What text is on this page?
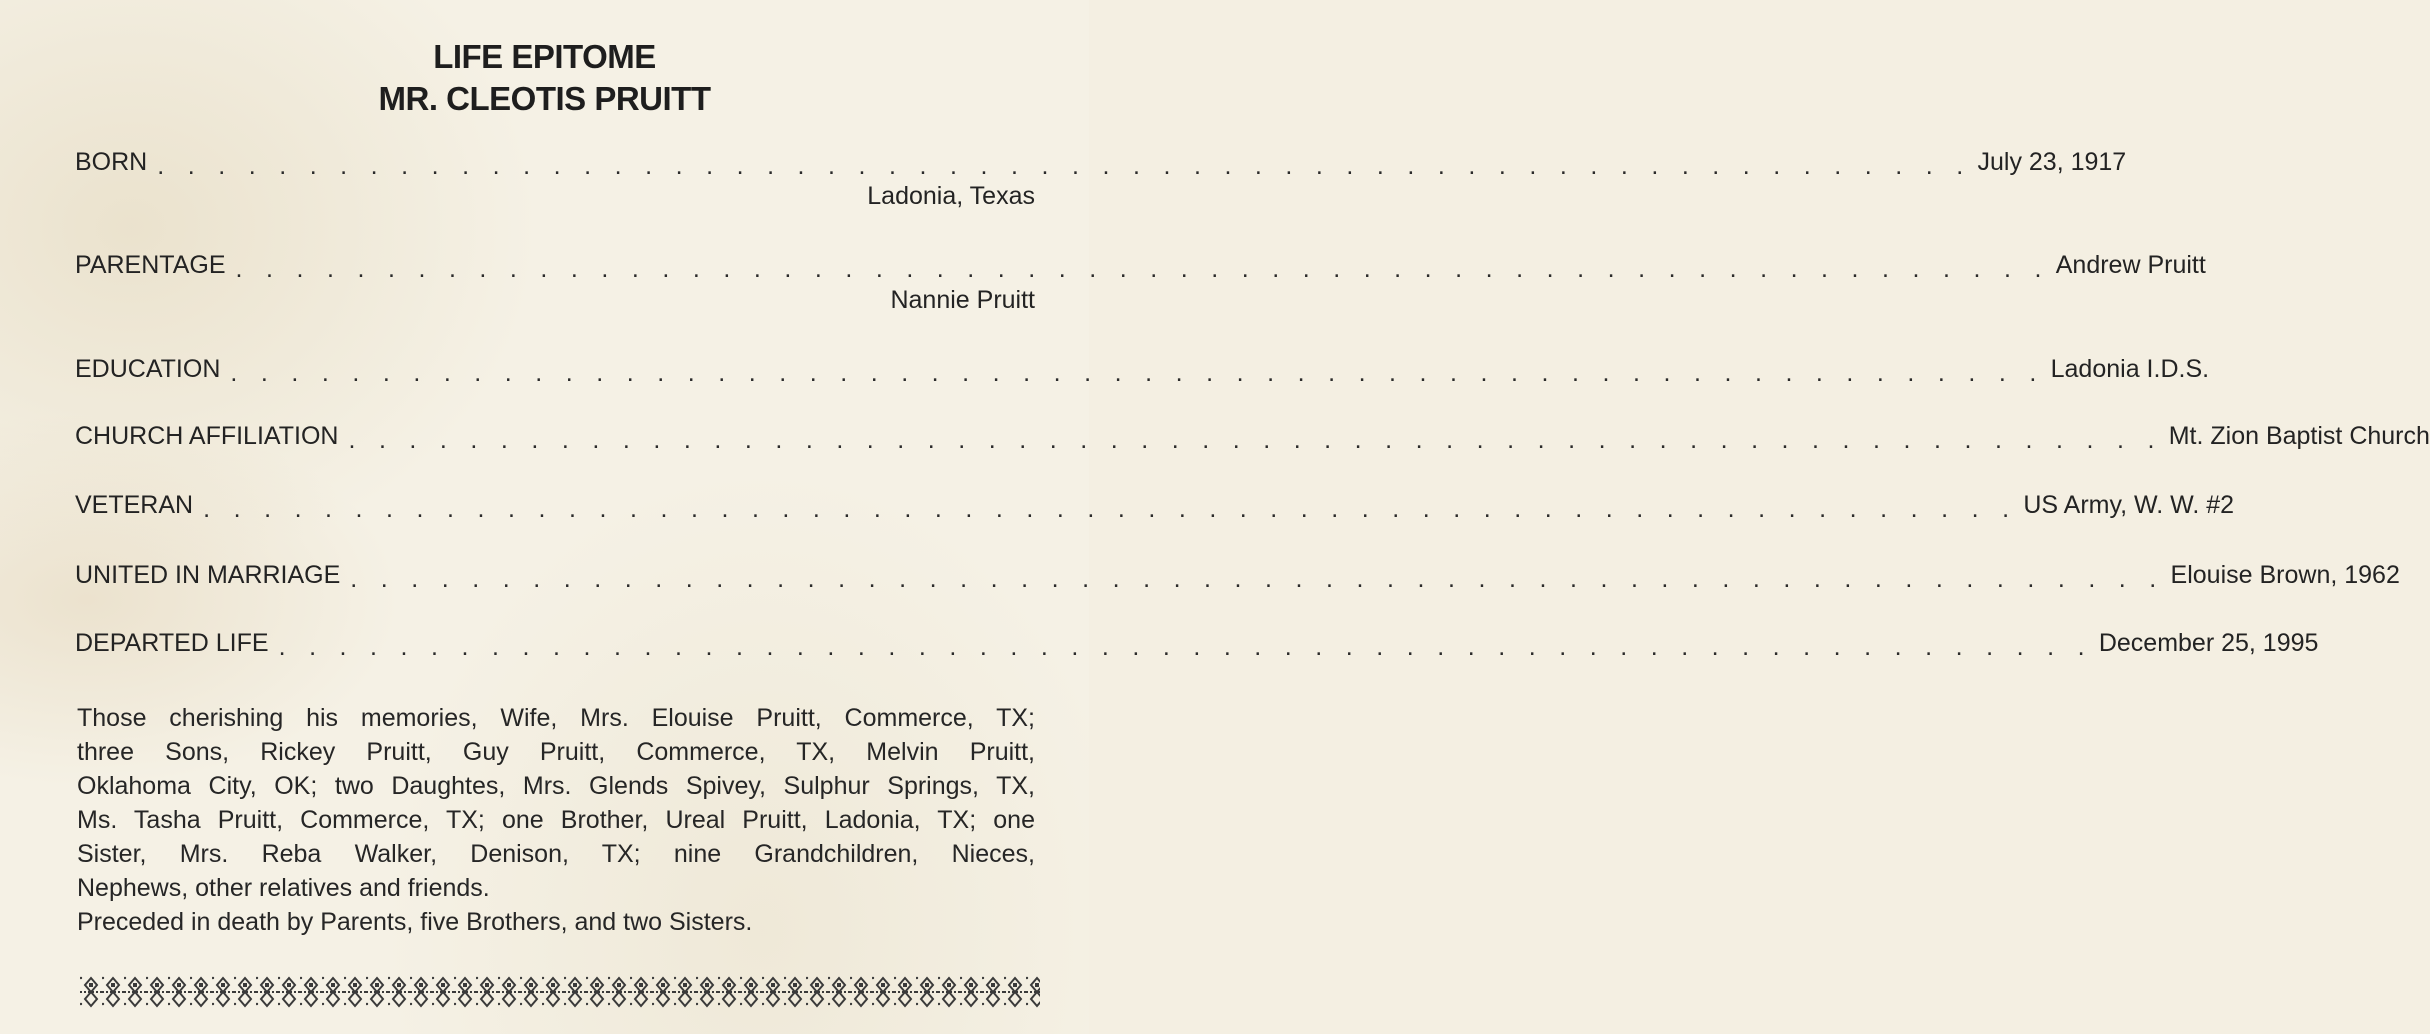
LIFE EPITOME
MR. CLEOTIS PRUITT
BORN . . . . . . . . . . . . . . . . . . . . . . . . . . . . . . . . . . . . . . . . . . . . . . . . . . . . . . . . . . . . July 23, 1917
Ladonia, Texas
PARENTAGE . . . . . . . . . . . . . . . . . . . . . . . . . . . . . . . . . . . . . . . . . . . . . . . . . . . . . . . . . . . . Andrew Pruitt
Nannie Pruitt
EDUCATION . . . . . . . . . . . . . . . . . . . . . . . . . . . . . . . . . . . . . . . . . . . . . . . . . . . . . . . . . . . . Ladonia I.D.S.
CHURCH AFFILIATION . . . . . . . . . . . . . . . . . . . . . . . . . . . . . . . . . . . . . . . . . . . . . . . . . . . . . . . . . . . . Mt. Zion Baptist Church
VETERAN . . . . . . . . . . . . . . . . . . . . . . . . . . . . . . . . . . . . . . . . . . . . . . . . . . . . . . . . . . . . US Army, W. W. #2
UNITED IN MARRIAGE . . . . . . . . . . . . . . . . . . . . . . . . . . . . . . . . . . . . . . . . . . . . . . . . . . . . . . . . . . . . Elouise Brown, 1962
DEPARTED LIFE . . . . . . . . . . . . . . . . . . . . . . . . . . . . . . . . . . . . . . . . . . . . . . . . . . . . . . . . . . . . December 25, 1995
Those cherishing his memories, Wife, Mrs. Elouise Pruitt, Commerce, TX;
three Sons, Rickey Pruitt, Guy Pruitt, Commerce, TX, Melvin Pruitt,
Oklahoma City, OK; two Daughtes, Mrs. Glends Spivey, Sulphur Springs, TX,
Ms. Tasha Pruitt, Commerce, TX; one Brother, Ureal Pruitt, Ladonia, TX; one
Sister, Mrs. Reba Walker, Denison, TX; nine Grandchildren, Nieces,
Nephews, other relatives and friends.
Preceded in death by Parents, five Brothers, and two Sisters.
